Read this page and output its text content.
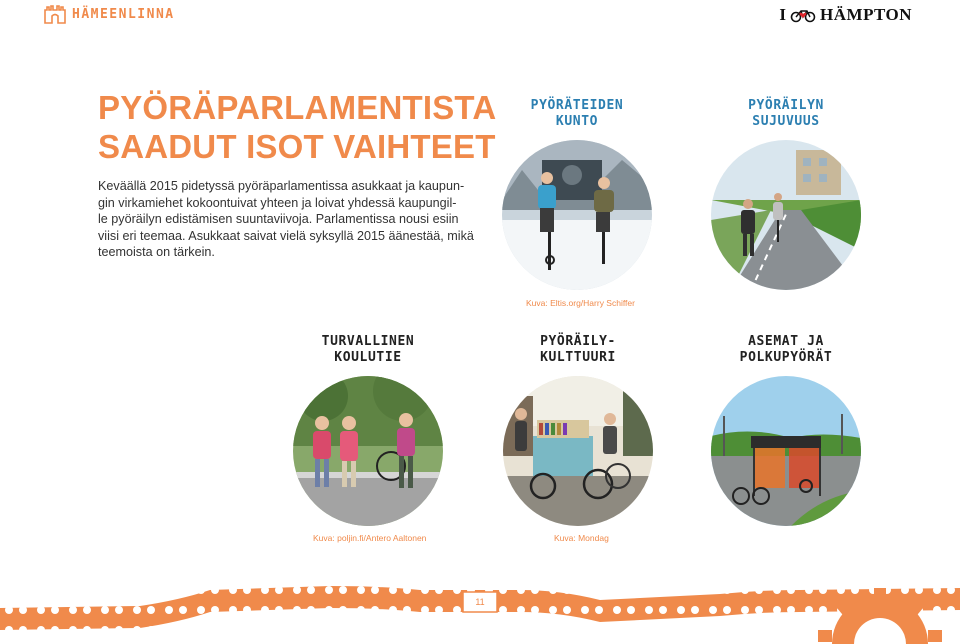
HÄMEENLINNA	I HÄMPTON
PYÖRÄPARLAMENTISTA
SAADUT ISOT VAIHTEET
Keväällä 2015 pidetyssä pyöräparlamentissa asukkaat ja kaupun-
gin virkamiehet kokoontuivat yhteen ja loivat yhdessä kaupungil-
le pyöräilyn edistämisen suuntaviivoja. Parlamentissa nousi esiin
viisi eri teemaa. Asukkaat saivat vielä syksyllä 2015 äänestää, mikä
teemoista on tärkein.
PYÖRÄTEIDEN
KUNTO
PYÖRÄILYN
SUJUVUUS
Kuva: Eltis.org/Harry Schiffer
TURVALLINEN
KOULUTIE
PYÖRÄILY-
KULTTUURI
ASEMAT JA
POLKUPYÖRÄT
Kuva: poljin.fi/Antero Aaltonen	Kuva: Mondag
11
